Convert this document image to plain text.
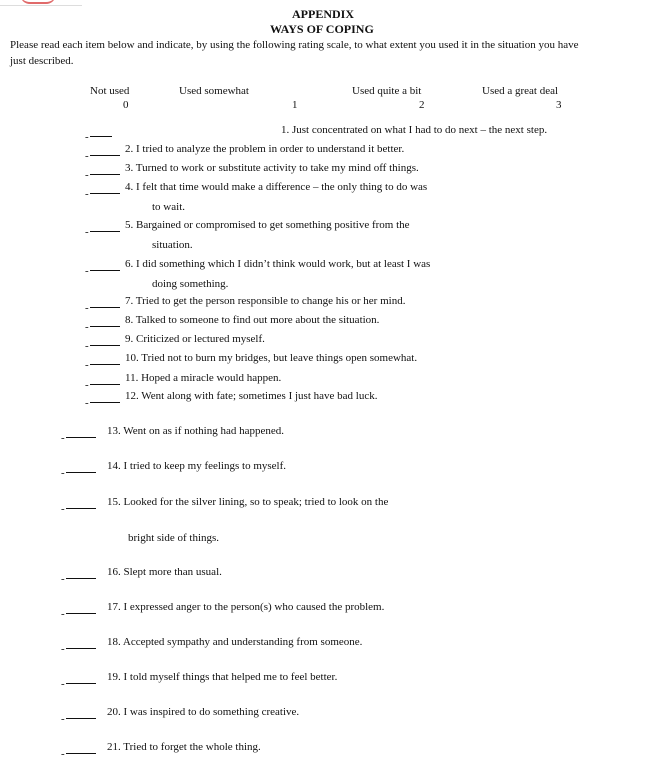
APPENDIX
WAYS OF COPING
Please read each item below and indicate, by using the following rating scale, to what extent you used it in the situation you have
just described.
Not used	Used somewhat	Used quite a bit	Used a great deal
0	1	2	3
-
1. Just concentrated on what I had to do next – the next step.
-
2. I tried to analyze the problem in order to understand it better.
-
3. Turned to work or substitute activity to take my mind off things.
-
4. I felt that time would make a difference – the only thing to do was
to wait.
-
5. Bargained or compromised to get something positive from the
situation.
-
6. I did something which I didn’t think would work, but at least I was
doing something.
-
7. Tried to get the person responsible to change his or her mind.
-
8. Talked to someone to find out more about the situation.
-
9. Criticized or lectured myself.
-
10. Tried not to burn my bridges, but leave things open somewhat.
-
11. Hoped a miracle would happen.
-
12. Went along with fate; sometimes I just have bad luck.
-
13. Went on as if nothing had happened.
-
14. I tried to keep my feelings to myself.
-
15. Looked for the silver lining, so to speak; tried to look on the
bright side of things.
-
16. Slept more than usual.
-
17. I expressed anger to the person(s) who caused the problem.
-
18. Accepted sympathy and understanding from someone.
-
19. I told myself things that helped me to feel better.
-
20. I was inspired to do something creative.
-
21. Tried to forget the whole thing.
